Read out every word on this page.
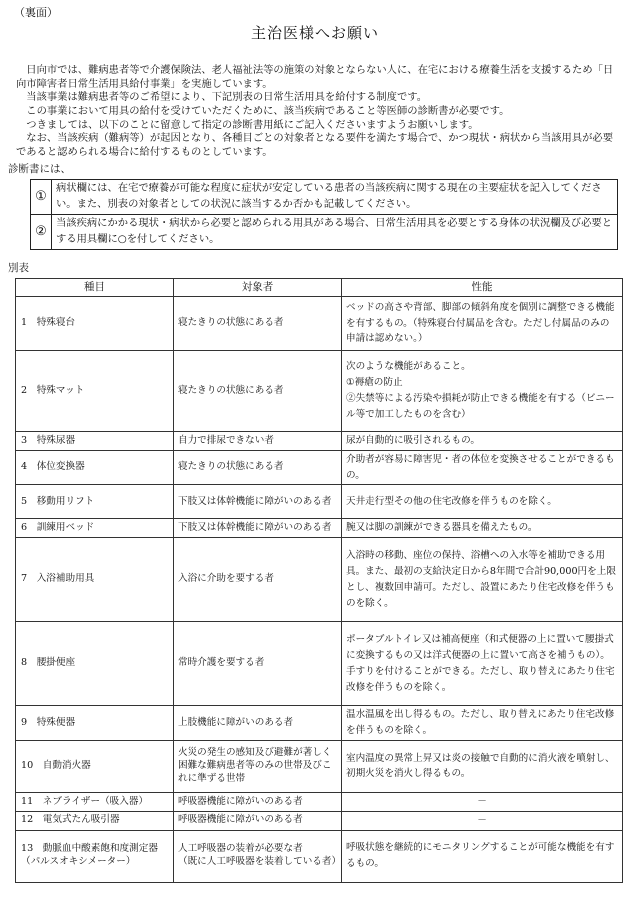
（裏面）
主治医様へお願い

日向市では、難病患者等で介護保険法、老人福祉法等の施策の対象とならない人に、在宅における療養生活を支援するため「日向市障害者日常生活用具給付事業」を実施しています。

当該事業は難病患者等のご希望により、下記別表の日常生活用具を給付する制度です。

この事業において用具の給付を受けていただくために、該当疾病であること等医師の診断書が必要です。

つきましては、以下のことに留意して指定の診断書用紙にご記入くださいますようお願いします。

なお、当該疾病（難病等）が起因となり、各種目ごとの対象者となる要件を満たす場合で、かつ現状・病状から当該用具が必要であると認められる場合に給付するものとしています。

診断書には、
①	病状欄には、在宅で療養が可能な程度に症状が安定している患者の当該疾病に関する現在の主要症状を記入してください。また、別表の対象者としての状況に該当するか否かも記載してください。
②	当該疾病にかかる現状・病状から必要と認められる用具がある場合、日常生活用具を必要とする身体の状況欄及び必要とする用具欄に○を付してください。
別表
種目	対象者	性能
1　特殊寝台	寝たきりの状態にある者	ベッドの高さや背部、脚部の傾斜角度を個別に調整できる機能を有するもの。（特殊寝台付属品を含む。ただし付属品のみの申請は認めない。）
2　特殊マット	寝たきりの状態にある者	次のような機能があること。
①褥瘡の防止
②失禁等による汚染や損耗が防止できる機能を有する（ビニール等で加工したものを含む）
3　特殊尿器	自力で排尿できない者	尿が自動的に吸引されるもの。
4　体位変換器	寝たきりの状態にある者	介助者が容易に障害児・者の体位を変換させることができるもの。
5　移動用リフト	下肢又は体幹機能に障がいのある者	天井走行型その他の住宅改修を伴うものを除く。
6　訓練用ベッド	下肢又は体幹機能に障がいのある者	腕又は脚の訓練ができる器具を備えたもの。
7　入浴補助用具	入浴に介助を要する者	入浴時の移動、座位の保持、浴槽への入水等を補助できる用具。また、最初の支給決定日から8年間で合計90,000円を上限とし、複数回申請可。ただし、設置にあたり住宅改修を伴うものを除く。
8　腰掛便座	常時介護を要する者	ポータブルトイレ又は補高便座（和式便器の上に置いて腰掛式に変換するもの又は洋式便器の上に置いて高さを補うもの）。手すりを付けることができる。ただし、取り替えにあたり住宅改修を伴うものを除く。
9　特殊便器	上肢機能に障がいのある者	温水温風を出し得るもの。ただし、取り替えにあたり住宅改修を伴うものを除く。
10　自動消火器	火災の発生の感知及び避難が著しく困難な難病患者等のみの世帯及びこれに準ずる世帯	室内温度の異常上昇又は炎の接触で自動的に消火液を噴射し、初期火災を消火し得るもの。
11　ネブライザー（吸入器）	呼吸器機能に障がいのある者	－
12　電気式たん吸引器	呼吸器機能に障がいのある者	－
13　動脈血中酸素飽和度測定器
（パルスオキシメーター）	人工呼吸器の装着が必要な者
（既に人工呼吸器を装着している者）	呼吸状態を継続的にモニタリングすることが可能な機能を有するもの。
